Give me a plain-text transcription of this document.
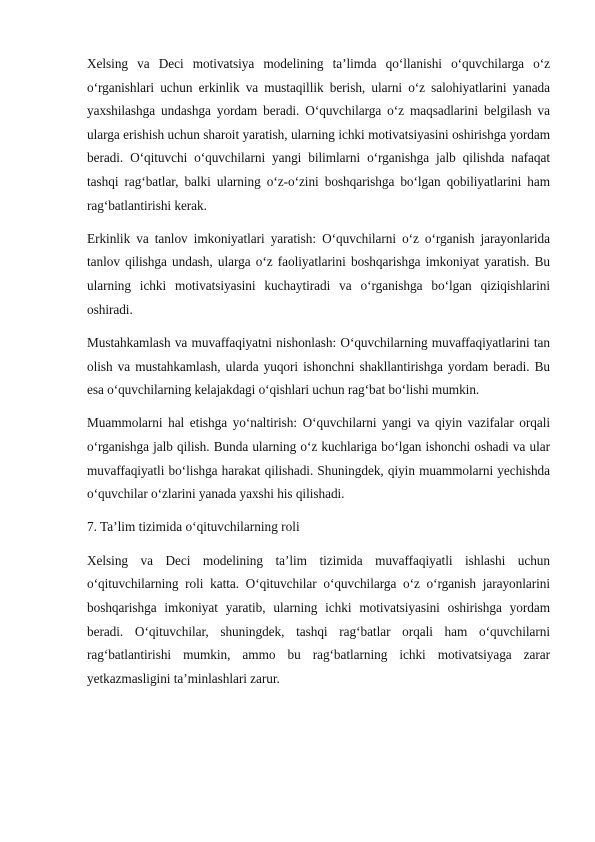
Xelsing va Deci motivatsiya modelining ta’limda qo‘llanishi o‘quvchilarga o‘z o‘rganishlari uchun erkinlik va mustaqillik berish, ularni o‘z salohiyatlarini yanada yaxshilashga undashga yordam beradi. O‘quvchilarga o‘z maqsadlarini belgilash va ularga erishish uchun sharoit yaratish, ularning ichki motivatsiyasini oshirishga yordam beradi. O‘qituvchi o‘quvchilarni yangi bilimlarni o‘rganishga jalb qilishda nafaqat tashqi rag‘batlar, balki ularning o‘z-o‘zini boshqarishga bo‘lgan qobiliyatlarini ham rag‘batlantirishi kerak.

Erkinlik va tanlov imkoniyatlari yaratish: O‘quvchilarni o‘z o‘rganish jarayonlarida tanlov qilishga undash, ularga o‘z faoliyatlarini boshqarishga imkoniyat yaratish. Bu ularning ichki motivatsiyasini kuchaytiradi va o‘rganishga bo‘lgan qiziqishlarini oshiradi.

Mustahkamlash va muvaffaqiyatni nishonlash: O‘quvchilarning muvaffaqiyatlarini tan olish va mustahkamlash, ularda yuqori ishonchni shakllantirishga yordam beradi. Bu esa o‘quvchilarning kelajakdagi o‘qishlari uchun rag‘bat bo‘lishi mumkin.

Muammolarni hal etishga yo‘naltirish: O‘quvchilarni yangi va qiyin vazifalar orqali o‘rganishga jalb qilish. Bunda ularning o‘z kuchlariga bo‘lgan ishonchi oshadi va ular muvaffaqiyatli bo‘lishga harakat qilishadi. Shuningdek, qiyin muammolarni yechishda o‘quvchilar o‘zlarini yanada yaxshi his qilishadi.

7. Ta’lim tizimida o‘qituvchilarning roli

Xelsing va Deci modelining ta’lim tizimida muvaffaqiyatli ishlashi uchun o‘qituvchilarning roli katta. O‘qituvchilar o‘quvchilarga o‘z o‘rganish jarayonlarini boshqarishga imkoniyat yaratib, ularning ichki motivatsiyasini oshirishga yordam beradi. O‘qituvchilar, shuningdek, tashqi rag‘batlar orqali ham o‘quvchilarni rag‘batlantirishi mumkin, ammo bu rag‘batlarning ichki motivatsiyaga zarar yetkazmasligini ta’minlashlari zarur.
